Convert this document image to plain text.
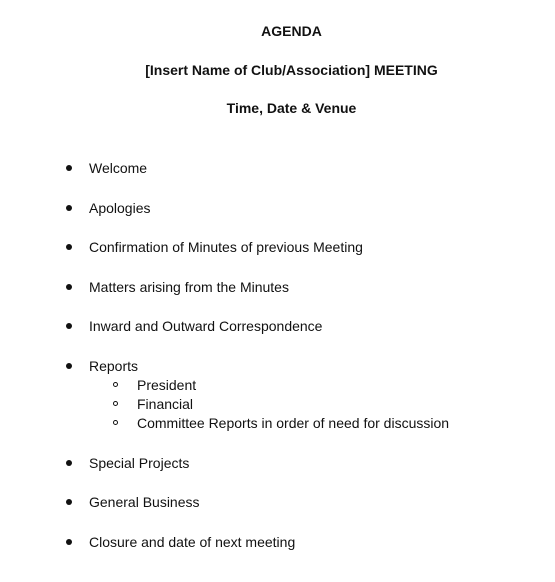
AGENDA
[Insert Name of Club/Association] MEETING
Time, Date & Venue
Welcome
Apologies
Confirmation of Minutes of previous Meeting
Matters arising from the Minutes
Inward and Outward Correspondence
Reports
President
Financial
Committee Reports in order of need for discussion
Special Projects
General Business
Closure and date of next meeting
